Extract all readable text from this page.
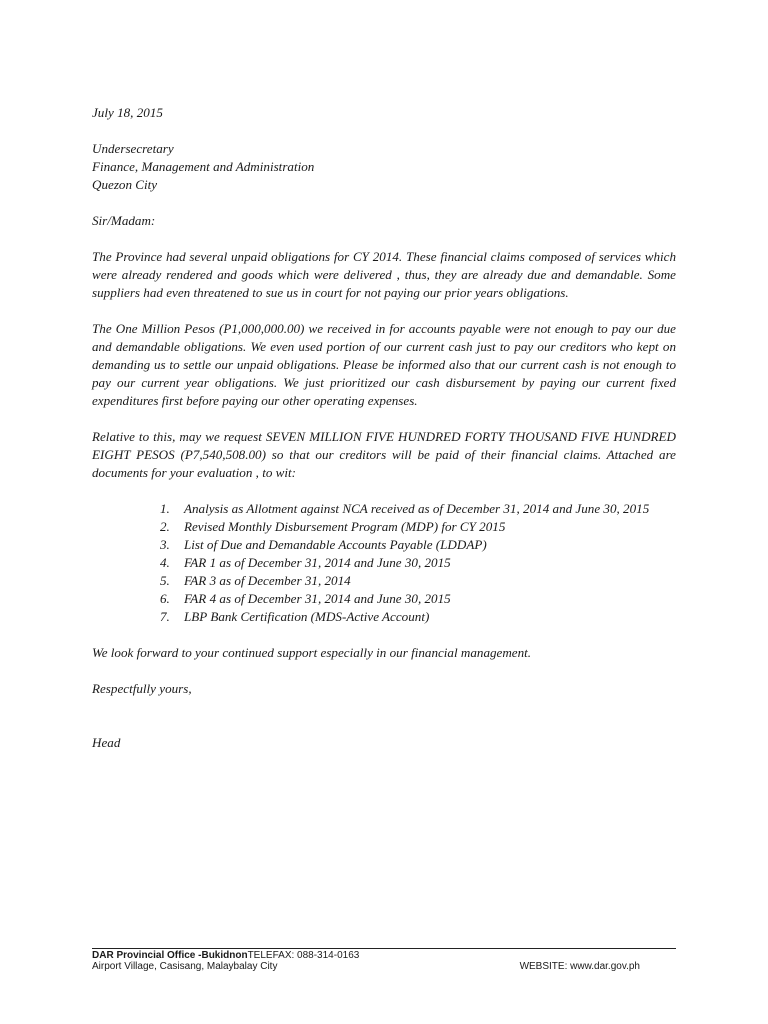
July 18, 2015
Undersecretary
Finance, Management and Administration
Quezon City
Sir/Madam:

The Province had several unpaid obligations for CY 2014. These financial claims composed of services which were already rendered and goods which were delivered , thus, they are already due and demandable. Some suppliers had even threatened to sue us in court for not paying our prior years obligations.

The One Million Pesos (P1,000,000.00) we received in for accounts payable were not enough to pay our due and demandable obligations. We even used portion of our current cash just to pay our creditors who kept on demanding us to settle our unpaid obligations. Please be informed also that our current cash is not enough to pay our current year obligations. We just prioritized our cash disbursement by paying our current fixed expenditures first before paying our other operating expenses.

Relative to this, may we request SEVEN MILLION FIVE HUNDRED FORTY THOUSAND FIVE HUNDRED EIGHT PESOS (P7,540,508.00) so that our creditors will be paid of their financial claims. Attached are documents for your evaluation , to wit:

1.	Analysis as Allotment against NCA received as of December 31, 2014 and June 30, 2015
2.	Revised Monthly Disbursement Program (MDP) for CY 2015
3.	List of Due and Demandable Accounts Payable (LDDAP)
4.	FAR 1 as of December 31, 2014 and June 30, 2015
5.	FAR 3 as of December 31, 2014
6.	FAR 4 as of December 31, 2014 and June 30, 2015
7.	LBP Bank Certification (MDS-Active Account)
We look forward to your continued support especially in our financial management.
Respectfully yours,
Head
DAR Provincial Office -BukidnonTELEFAX: 088-314-0163
Airport Village, Casisang, Malaybalay City	WEBSITE: www.dar.gov.ph
